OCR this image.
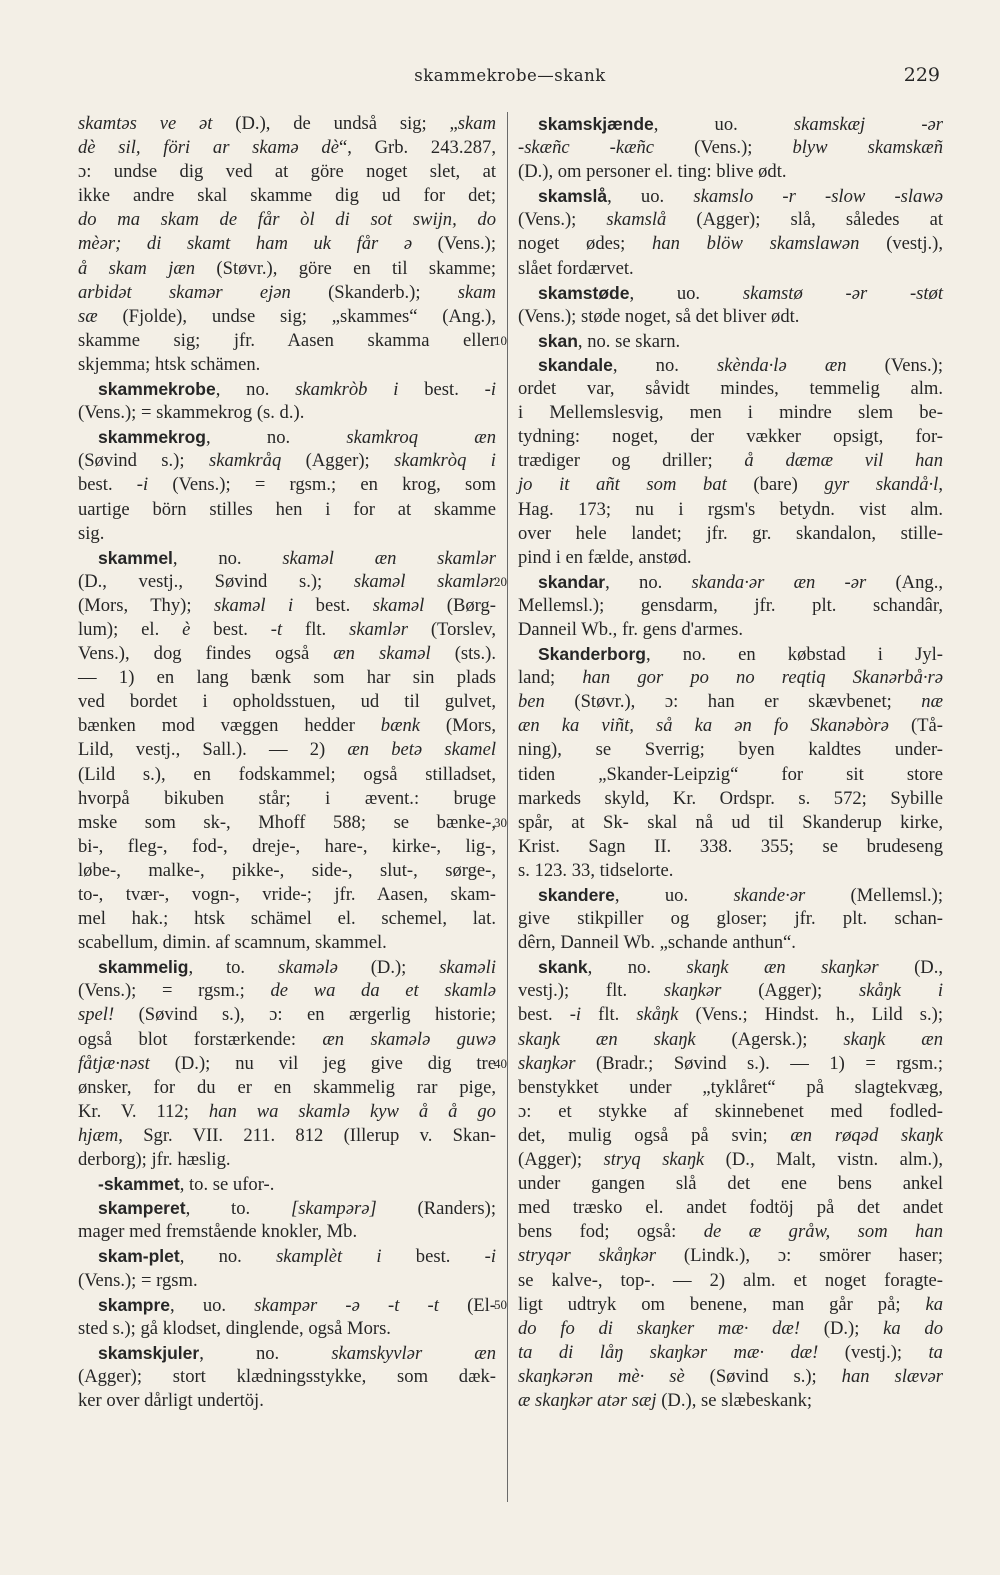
skammekrobe—skank	229
skamtəs ve ət (D.), de undså sig; „skam
dè sil, föri ar skamə dè“, Grb. 243.287,
ɔ: undse dig ved at göre noget slet, at
ikke andre skal skamme dig ud for det;
do ma skam de får òl di sot swijn, do
mèər; di skamt ham uk får ə (Vens.);
å skam jæn (Støvr.), göre en til skamme;
arbidət skamər ejən (Skanderb.); skam
sæ (Fjolde), undse sig; „skammes“ (Ang.),
skamme sig; jfr. Aasen skamma eller
skjemma; htsk schämen.
skammekrobe, no. skamkròb i best. -i
(Vens.); = skammekrog (s. d.).
skammekrog, no. skamkroq æn
(Søvind s.); skamkråq (Agger); skamkròq i
best. -i (Vens.); = rgsm.; en krog, som
uartige börn stilles hen i for at skamme
sig.
skammel, no. skaməl æn skamlər
(D., vestj., Søvind s.); skaməl skamlər
(Mors, Thy); skaməl i best. skaməl (Børg-
lum); el. è best. -t flt. skamlər (Torslev,
Vens.), dog findes også æn skaməl (sts.).
— 1) en lang bænk som har sin plads
ved bordet i opholdsstuen, ud til gulvet,
bænken mod væggen hedder bænk (Mors,
Lild, vestj., Sall.). — 2) æn betə skamel
(Lild s.), en fodskammel; også stilladset,
hvorpå bikuben står; i ævent.: bruge
mske som sk-, Mhoff 588; se bænke-,
bi-, fleg-, fod-, dreje-, hare-, kirke-, lig-,
løbe-, malke-, pikke-, side-, slut-, sørge-,
to-, tvær-, vogn-, vride-; jfr. Aasen, skam-
mel hak.; htsk schämel el. schemel, lat.
scabellum, dimin. af scamnum, skammel.
skammelig, to. skamələ (D.); skaməli
(Vens.); = rgsm.; de wa da et skamlə
spel! (Søvind s.), ɔ: en ærgerlig historie;
også blot forstærkende: æn skamələ guwə
fåtjæ·nəst (D.); nu vil jeg give dig tre
ønsker, for du er en skammelig rar pige,
Kr. V. 112; han wa skamlə kyw å å go
hjæm, Sgr. VII. 211. 812 (Illerup v. Skan-
derborg); jfr. hæslig.
-skammet, to. se ufor-.
skamperet, to. [skampərə] (Randers);
mager med fremstående knokler, Mb.
skam-plet, no. skamplèt i best. -i
(Vens.); = rgsm.
skampre, uo. skampər -ə -t -t (El-
sted s.); gå klodset, dinglende, også Mors.
skamskjuler, no. skamskyvlər æn
(Agger); stort klædningsstykke, som dæk-
ker over dårligt undertöj.
skamskjænde, uo. skamskæj -ər
-skæñc -kæñc (Vens.); blyw skamskæñ
(D.), om personer el. ting: blive ødt.
skamslå, uo. skamslo -r -slow -slawə
(Vens.); skamslå (Agger); slå, således at
noget ødes; han blöw skamslawən (vestj.),
slået fordærvet.
skamstøde, uo. skamstø -ər -støt
(Vens.); støde noget, så det bliver ødt.
skan, no. se skarn.
skandale, no. skènda·lə æn (Vens.);
ordet var, såvidt mindes, temmelig alm.
i Mellemslesvig, men i mindre slem be-
tydning: noget, der vækker opsigt, for-
trædiger og driller; å dæmæ vil han
jo it añt som bat (bare) gyr skandå·l,
Hag. 173; nu i rgsm's betydn. vist alm.
over hele landet; jfr. gr. skandalon, stille-
pind i en fælde, anstød.
skandar, no. skanda·ər æn -ər (Ang.,
Mellemsl.); gensdarm, jfr. plt. schandâr,
Danneil Wb., fr. gens d'armes.
Skanderborg, no. en købstad i Jyl-
land; han gor po no reqtiq Skanərbå·rə
ben (Støvr.), ɔ: han er skævbenet; næ
æn ka viñt, så ka ən fo Skanəbòrə (Tå-
ning), se Sverrig; byen kaldtes under-
tiden „Skander-Leipzig“ for sit store
markeds skyld, Kr. Ordspr. s. 572; Sybille
spår, at Sk- skal nå ud til Skanderup kirke,
Krist. Sagn II. 338. 355; se brudeseng
s. 123. 33, tidselorte.
skandere, uo. skande·ər (Mellemsl.);
give stikpiller og gloser; jfr. plt. schan-
dêrn, Danneil Wb. „schande anthun“.
skank, no. skaŋk æn skaŋkər (D.,
vestj.); flt. skaŋkər (Agger); skåŋk i
best. -i flt. skåŋk (Vens.; Hindst. h., Lild s.);
skaŋk æn skaŋk (Agersk.); skaŋk æn
skaŋkər (Bradr.; Søvind s.). — 1) = rgsm.;
benstykket under „tyklåret“ på slagtekvæg,
ɔ: et stykke af skinnebenet med fodled-
det, mulig også på svin; æn røqəd skaŋk
(Agger); stryq skaŋk (D., Malt, vistn. alm.),
under gangen slå det ene bens ankel
med træsko el. andet fodtöj på det andet
bens fod; også: de æ gråw, som han
stryqər skåŋkər (Lindk.), ɔ: smörer haser;
se kalve-, top-. — 2) alm. et noget foragte-
ligt udtryk om benene, man går på; ka
do fo di skaŋker mæ· dæ! (D.); ka do
ta di låŋ skaŋkər mæ· dæ! (vestj.); ta
skaŋkərən mè· sè (Søvind s.); han slævər
æ skaŋkər atər sæj (D.), se slæbeskank;
10
20
30
40
50
